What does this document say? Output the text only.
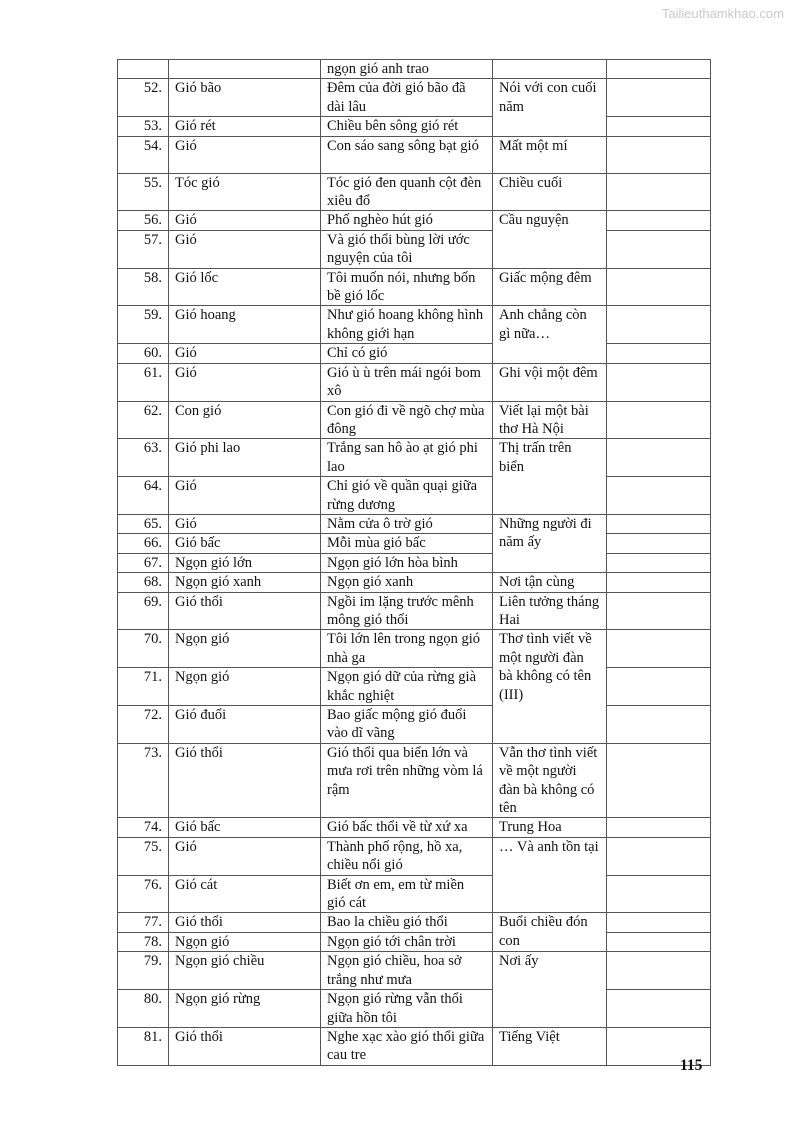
Tailieuthamkhao.com
		ngọn gió anh trao		
52.	Gió bão	Đêm của đời gió bão đã dài lâu	Nói với con cuối năm	
53.	Gió rét	Chiều bên sông gió rét		
54.	Gió	Con sáo sang sông bạt gió	Mất một mí	
55.	Tóc gió	Tóc gió đen quanh cột đèn xiêu đổ	Chiều cuối	
56.	Gió	Phố nghèo hút gió	Cầu nguyện	
57.	Gió	Và gió thổi bùng lời ước nguyện của tôi		
58.	Gió lốc	Tôi muốn nói, nhưng bốn bề gió lốc	Giấc mộng đêm	
59.	Gió hoang	Như gió hoang không hình không giới hạn	Anh chẳng còn gì nữa…	
60.	Gió	Chỉ có gió		
61.	Gió	Gió ù ù trên mái ngói bom xô	Ghi vội một đêm	
62.	Con gió	Con gió đi về ngõ chợ mùa đông	Viết lại một bài thơ Hà Nội	
63.	Gió phi lao	Trắng san hô ào ạt gió phi lao	Thị trấn trên biển	
64.	Gió	Chỉ gió về quần quại giữa rừng dương		
65.	Gió	Nằm cửa ô trờ gió	Những người đi năm ấy	
66.	Gió bấc	Mỗi mùa gió bấc		
67.	Ngọn gió lớn	Ngọn gió lớn hòa bình		
68.	Ngọn gió xanh	Ngọn gió xanh	Nơi tận cùng	
69.	Gió thổi	Ngồi im lặng trước mênh mông gió thổi	Liên tưởng tháng Hai	
70.	Ngọn gió	Tôi lớn lên trong ngọn gió nhà ga	Thơ tình viết về một người đàn bà không có tên (III)	
71.	Ngọn gió	Ngọn gió dữ của rừng già khắc nghiệt		
72.	Gió đuổi	Bao giấc mộng gió đuổi vào dĩ vãng		
73.	Gió thổi	Gió thổi qua biển lớn và mưa rơi trên những vòm lá rậm	Vẫn thơ tình viết về một người đàn bà không có tên	
74.	Gió bấc	Gió bấc thổi về từ xứ xa	Trung Hoa	
75.	Gió	Thành phố rộng, hồ xa, chiều nổi gió	… Và anh tồn tại	
76.	Gió cát	Biết ơn em, em từ miền gió cát		
77.	Gió thổi	Bao la chiều gió thổi	Buổi chiều đón con	
78.	Ngọn gió	Ngọn gió tới chân trời		
79.	Ngọn gió chiều	Ngọn gió chiều, hoa sở trắng như mưa	Nơi ấy	
80.	Ngọn gió rừng	Ngọn gió rừng vẫn thổi giữa hồn tôi		
81.	Gió thổi	Nghe xạc xào gió thổi giữa cau tre	Tiếng Việt	
115
